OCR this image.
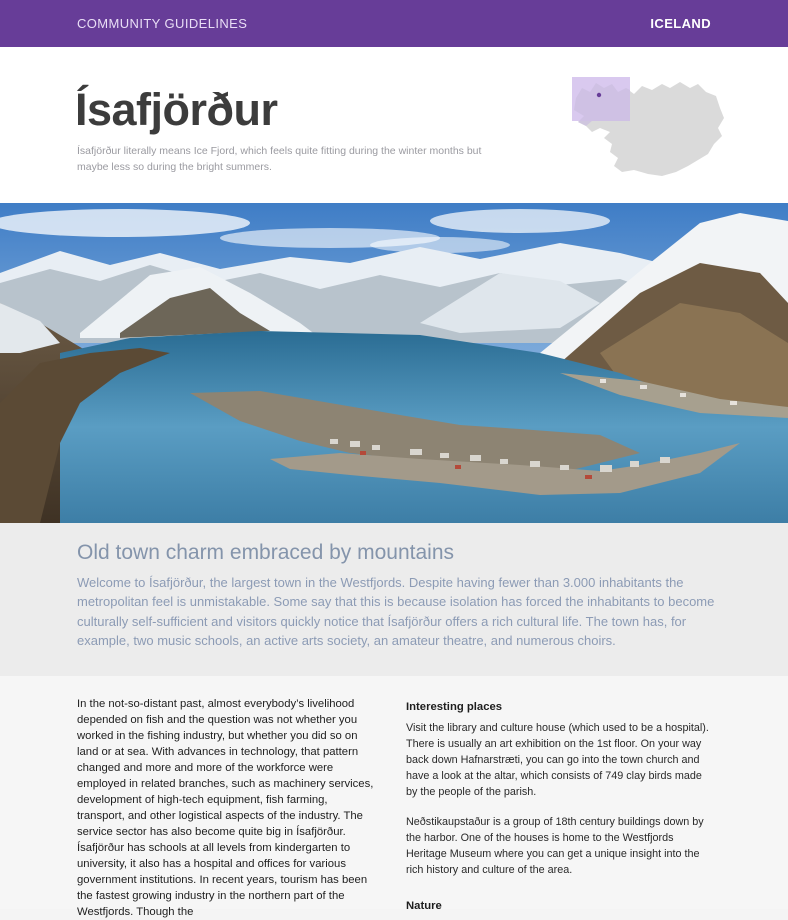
COMMUNITY GUIDELINES	ICELAND
Ísafjörður

Ísafjörður literally means Ice Fjord, which feels quite fitting during the winter months but maybe less so during the bright summers.

Old town charm embraced by mountains

Welcome to Ísafjörður, the largest town in the Westfjords. Despite having fewer than 3.000 inhabitants the metropolitan feel is unmistakable. Some say that this is because isolation has forced the inhabitants to become culturally self-sufficient and visitors quickly notice that Ísafjörður offers a rich cultural life. The town has, for example, two music schools, an active arts society, an amateur theatre, and numerous choirs.

In the not-so-distant past, almost everybody’s livelihood depended on fish and the question was not whether you worked in the fishing industry, but whether you did so on land or at sea. With advances in technology, that pattern changed and more and more of the workforce were employed in related branches, such as machinery services, development of high-tech equipment, fish farming, transport, and other logistical aspects of the industry. The service sector has also become quite big in Ísafjörður. Ísafjörður has schools at all levels from kindergarten to university, it also has a hospital and offices for various government institutions. In recent years, tourism has been the fastest growing industry in the northern part of the Westfjords. Though the

Interesting places

Visit the library and culture house (which used to be a hospital). There is usually an art exhibition on the 1st floor. On your way back down Hafnarstræti, you can go into the town church and have a look at the altar, which consists of 749 clay birds made by the people of the parish.

Neðstikaupstaður is a group of 18th century buildings down by the harbor. One of the houses is home to the Westfjords Heritage Museum where you can get a unique insight into the rich history and culture of the area.

Nature
